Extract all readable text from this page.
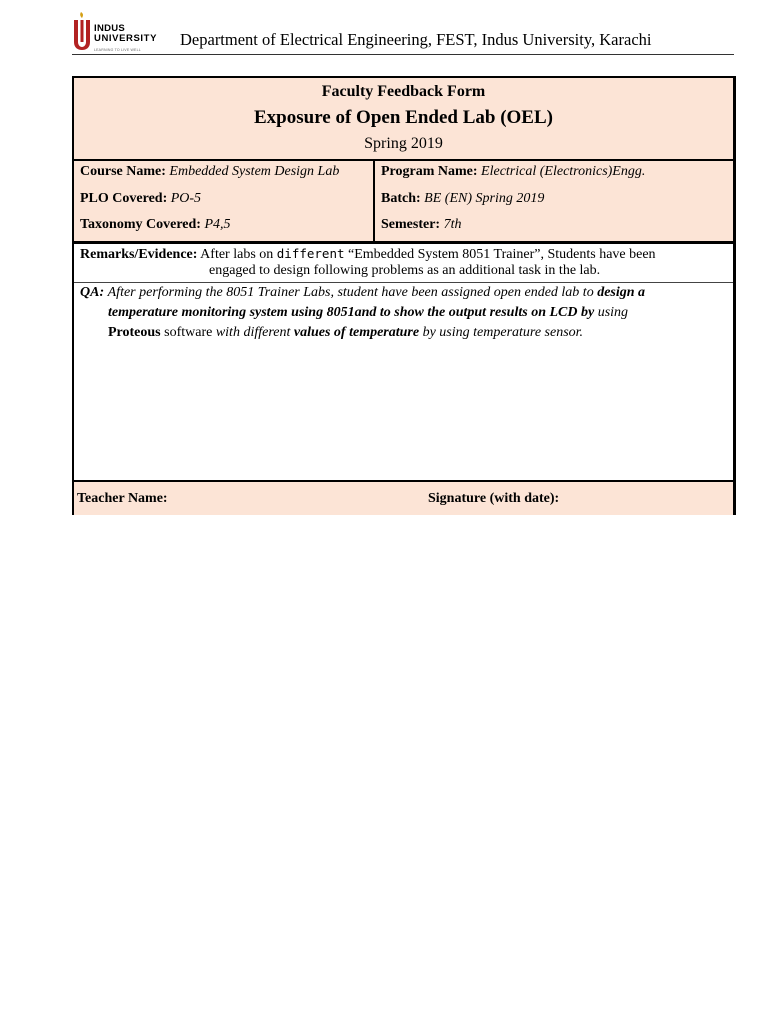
INDUS
UNIVERSITY
LEARNING TO LIVE WELL
Department of Electrical Engineering, FEST, Indus University, Karachi
Faculty Feedback Form
Exposure of Open Ended Lab (OEL)
Spring 2019
Course Name: Embedded System Design Lab
PLO Covered: PO-5
Taxonomy Covered: P4,5
Program Name: Electrical (Electronics)Engg.
Batch: BE (EN) Spring 2019
Semester: 7th
Remarks/Evidence: After labs on different “Embedded System 8051 Trainer”, Students have been
engaged to design following problems as an additional task in the lab.
QA: After performing the 8051 Trainer Labs, student have been assigned open ended lab to design a
temperature monitoring system using 8051and to show the output results on LCD by using
Proteous software with different values of temperature by using temperature sensor.
Teacher Name:	Signature (with date):
